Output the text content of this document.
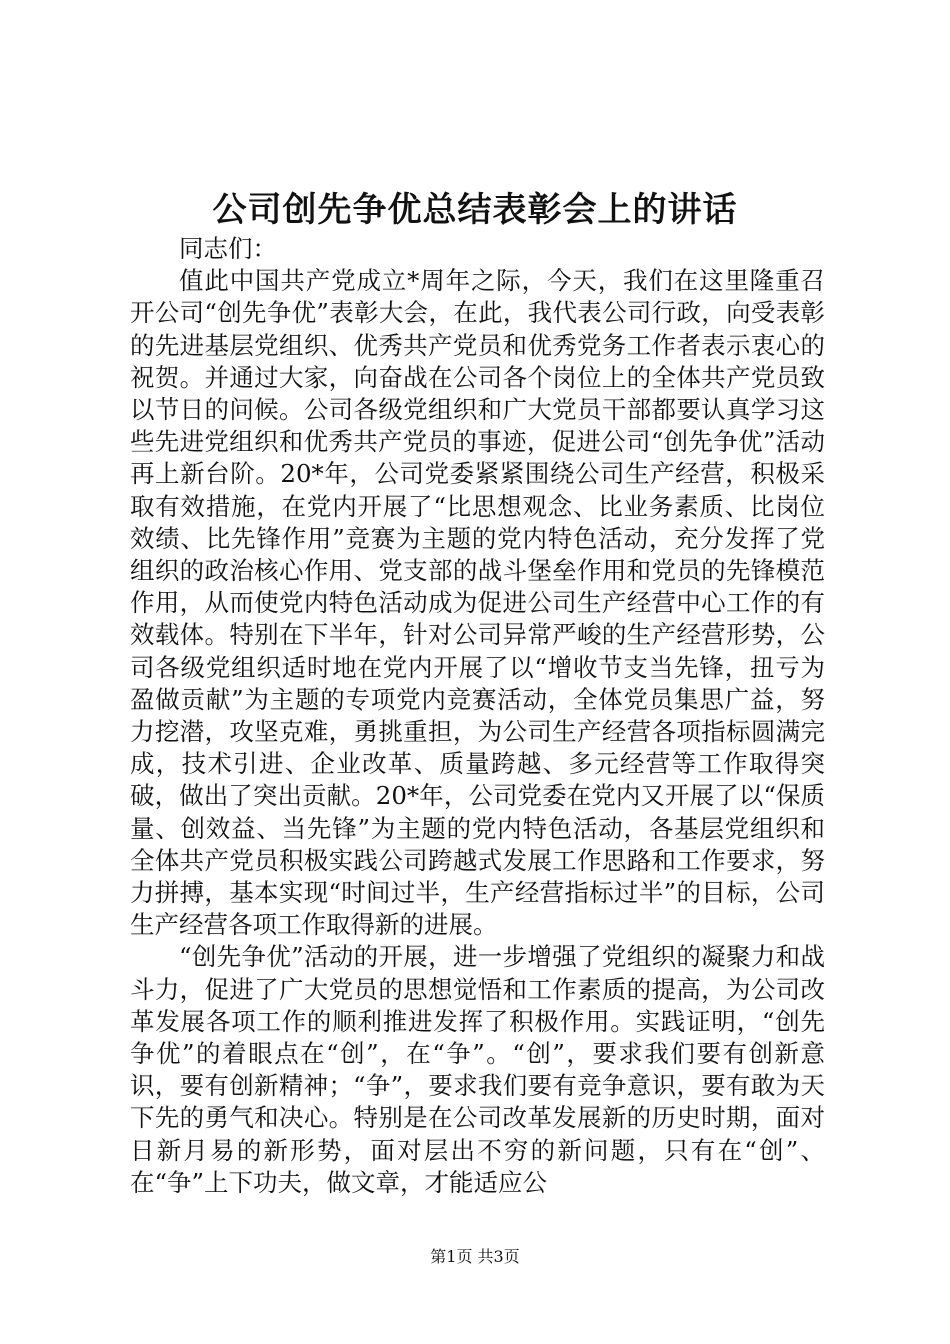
公司创先争优总结表彰会上的讲话

同志们：

值此中国共产党成立*周年之际，今天，我们在这里隆重召开公司“创先争优”表彰大会，在此，我代表公司行政，向受表彰的先进基层党组织、优秀共产党员和优秀党务工作者表示衷心的祝贺。并通过大家，向奋战在公司各个岗位上的全体共产党员致以节日的问候。公司各级党组织和广大党员干部都要认真学习这些先进党组织和优秀共产党员的事迹，促进公司“创先争优”活动再上新台阶。20*年，公司党委紧紧围绕公司生产经营，积极采取有效措施，在党内开展了“比思想观念、比业务素质、比岗位效绩、比先锋作用”竞赛为主题的党内特色活动，充分发挥了党组织的政治核心作用、党支部的战斗堡垒作用和党员的先锋模范作用，从而使党内特色活动成为促进公司生产经营中心工作的有效载体。特别在下半年，针对公司异常严峻的生产经营形势，公司各级党组织适时地在党内开展了以“增收节支当先锋，扭亏为盈做贡献”为主题的专项党内竞赛活动，全体党员集思广益，努力挖潜，攻坚克难，勇挑重担，为公司生产经营各项指标圆满完成，技术引进、企业改革、质量跨越、多元经营等工作取得突破，做出了突出贡献。20*年，公司党委在党内又开展了以“保质量、创效益、当先锋”为主题的党内特色活动，各基层党组织和全体共产党员积极实践公司跨越式发展工作思路和工作要求，努力拼搏，基本实现“时间过半，生产经营指标过半”的目标，公司生产经营各项工作取得新的进展。

“创先争优”活动的开展，进一步增强了党组织的凝聚力和战斗力，促进了广大党员的思想觉悟和工作素质的提高，为公司改革发展各项工作的顺利推进发挥了积极作用。实践证明，“创先争优”的着眼点在“创”，在“争”。“创”，要求我们要有创新意识，要有创新精神；“争”，要求我们要有竞争意识，要有敢为天下先的勇气和决心。特别是在公司改革发展新的历史时期，面对日新月易的新形势，面对层出不穷的新问题，只有在“创”、在“争”上下功夫，做文章，才能适应公

第1页 共3页
